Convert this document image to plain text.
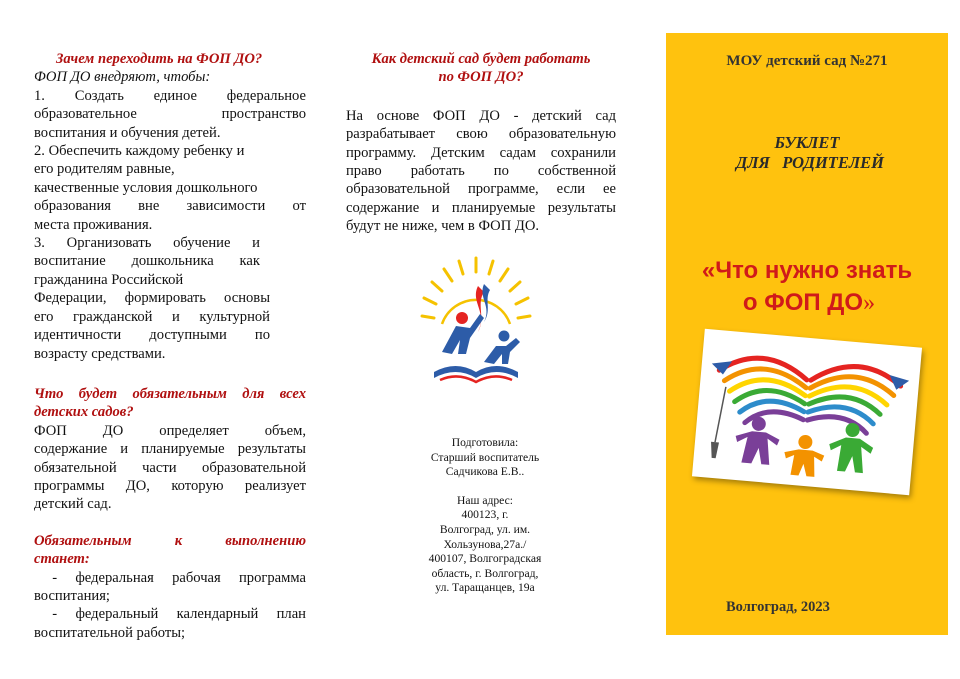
Зачем переходить на ФОП ДО?
ФОП ДО внедряют, чтобы:
1. Создать единое федеральное
образовательное пространство
воспитания и обучения детей.
2. Обеспечить каждому ребенку и
его родителям равные,
качественные условия дошкольного
образования вне зависимости от
места проживания.
3. Организовать обучение и
воспитание дошкольника как
гражданина Российской
Федерации, формировать основы
его гражданской и культурной
идентичности доступными по
возрасту средствами.
Что будет обязательным для всех
детских садов?
ФОП ДО определяет объем,
содержание и планируемые результаты
обязательной части образовательной
программы ДО, которую реализует
детский сад.
Обязательным к выполнению
станет:
- федеральная рабочая программа
воспитания;
- федеральный календарный план
воспитательной работы;
Как детский сад будет работать
по ФОП ДО?
На основе ФОП ДО - детский сад
разрабатывает свою образовательную
программу. Детским садам сохранили
право работать по собственной
образовательной программе, если ее
содержание и планируемые результаты
будут не ниже, чем в ФОП ДО.
Подготовила:
Старший воспитатель
Садчикова Е.В..
Наш адрес:
400123, г.
Волгоград, ул. им.
Хользунова,27а./
400107, Волгоградская
область, г. Волгоград,
ул. Таращанцев, 19а
МОУ детский сад №271
БУКЛЕТ
ДЛЯ   РОДИТЕЛЕЙ
«Что нужно знать
о ФОП ДО»
Волгоград, 2023
